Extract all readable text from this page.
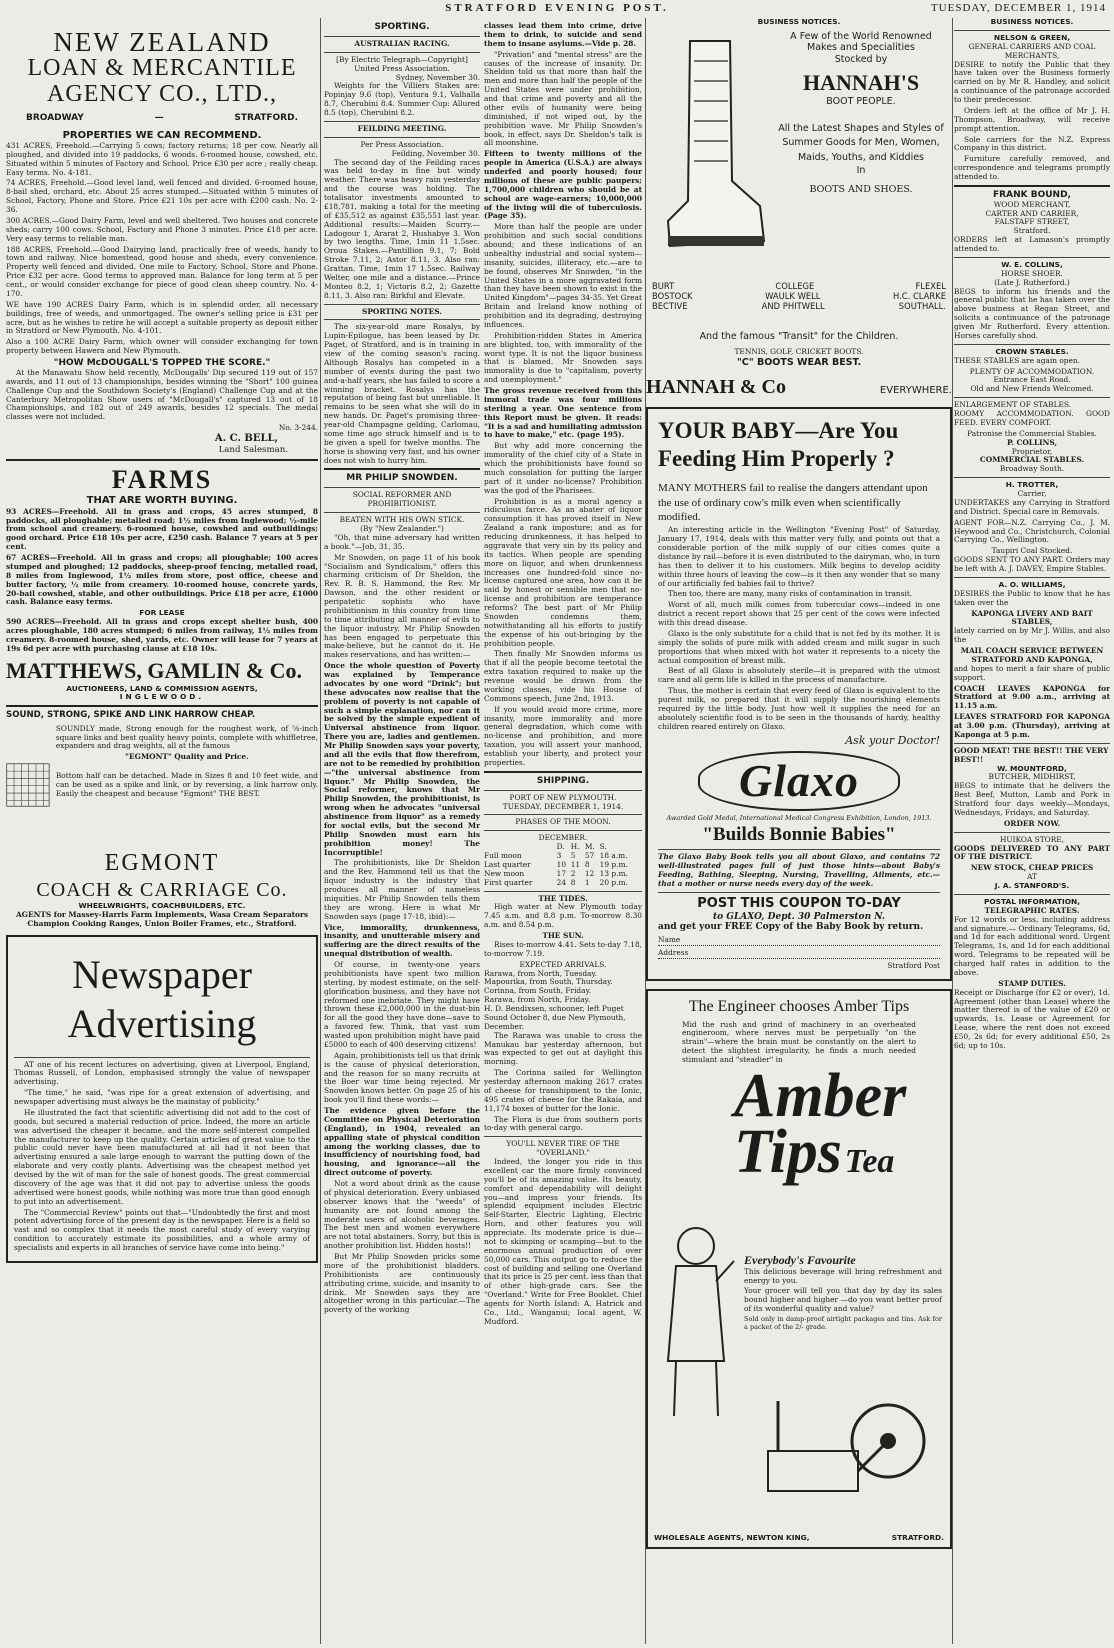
STRATFORD EVENING POST.	TUESDAY, DECEMBER 1, 1914
NEW ZEALAND
LOAN & MERCANTILE
AGENCY CO., LTD.,
BROADWAY	—	STRATFORD.
PROPERTIES WE CAN RECOMMEND.

431 ACRES, Freehold.—Carrying 5 cows; factory returns; 18 per cow. Nearly all ploughed, and divided into 19 paddocks, 6 woods. 6-roomed house, cowshed, etc. Situated within 5 minutes of Factory and School. Price £30 per acre ; really cheap. Easy terms. No. 4-181.

74 ACRES, Freehold.—Good level land, well fenced and divided. 6-roomed house, 8-bail shed, orchard, etc. About 25 acres stumped.—Situated within 5 minutes of School, Factory, Phone and Store. Price £21 10s per acre with £200 cash. No. 2-36.

300 ACRES.—Good Dairy Farm, level and well sheltered. Two houses and concrete sheds; carry 100 cows. School, Factory and Phone 3 minutes. Price £18 per acre. Very easy terms to reliable man.

188 ACRES, Freehold.—Good Dairying land, practically free of weeds, handy to town and railway. Nice homestead, good house and sheds, every convenience. Property well fenced and divided. One mile to Factory, School, Store and Phone. Price £32 per acre. Good terms to approved man. Balance for long term at 5 per cent., or would consider exchange for piece of good clean sheep country. No. 4-170.

WE have 190 ACRES Dairy Farm, which is in splendid order, all necessary buildings, free of weeds, and unmortgaged. The owner's selling price is £31 per acre, but as he wishes to retire he will accept a suitable property as deposit either in Stratford or New Plymouth. No. 4-101.

Also a 100 ACRE Dairy Farm, which owner will consider exchanging for town property between Hawera and New Plymouth.

"HOW McDOUGALL'S TOPPED THE SCORE."

At the Manawatu Show held recently, McDougalls' Dip secured 119 out of 157 awards, and 11 out of 13 championships, besides winning the "Short" 100 guinea Challenge Cup and the Southdown Society's (England) Challenge Cup and at the Canterbury Metropolitan Show users of "McDougall's" captured 13 out of 18 Championships, and 182 out of 249 awards, besides 12 specials. The medal classes were not included.

No. 3-244.
A. C. BELL,
Land Salesman.
FARMS
THAT ARE WORTH BUYING.

93 ACRES—Freehold. All in grass and crops, 45 acres stumped, 8 paddocks, all ploughable; metalled road; 1½ miles from Inglewood; ½-mile from school and creamery. 6-roomed house, cowshed and outbuildings; good orchard. Price £18 10s per acre, £250 cash. Balance 7 years at 5 per cent.

67 ACRES—Freehold. All in grass and crops; all ploughable; 100 acres stumped and ploughed; 12 paddocks, sheep-proof fencing, metalled road, 8 miles from Inglewood, 1½ miles from store, post office, cheese and butter factory, ½ mile from creamery. 10-roomed house, concrete yards, 20-bail cowshed, stable, and other outbuildings. Price £18 per acre, £1000 cash. Balance easy terms.

FOR LEASE

590 ACRES—Freehold. All in grass and crops except shelter bush, 400 acres ploughable, 180 acres stumped; 6 miles from railway, 1½ miles from creamery. 8-roomed house, shed, yards, etc. Owner will lease for 7 years at 19s 6d per acre with purchasing clause at £18 10s.

MATTHEWS, GAMLIN & Co.
AUCTIONEERS, LAND & COMMISSION AGENTS,
INGLEWOOD.
SOUND, STRONG, SPIKE AND LINK HARROW CHEAP.

SOUNDLY made, Strong enough for the roughest work, of ⅝-inch square links and best quality heavy points, complete with whiffletree, expanders and drag weights, all at the famous

"EGMONT" Quality and Price.

Bottom half can be detached. Made in Sizes 8 and 10 feet wide, and can be used as a spike and link, or by reversing, a link harrow only. Easily the cheapest and because "Egmont" THE BEST.

EGMONT
COACH & CARRIAGE Co.
WHEELWRIGHTS, COACHBUILDERS, ETC.
AGENTS for Massey-Harris Farm Implements, Wasa Cream Separators Champion Cooking Ranges, Union Boiler Frames, etc., Stratford.
Newspaper
Advertising

AT one of his recent lectures on advertising, given at Liverpool, England, Thomas Russell, of London, emphasised strongly the value of newspaper advertising.

"The time," he said, "was ripe for a great extension of advertising, and newspaper advertising must always be the mainstay of publicity."

He illustrated the fact that scientific advertising did not add to the cost of goods, but secured a material reduction of price. Indeed, the more an article was advertised the cheaper it became, and the more self-interest compelled the manufacturer to keep up the quality. Certain articles of great value to the public could never have been manufactured at all had it not been that advertising ensured a sale large enough to warrant the putting down of the elaborate and very costly plants. Advertising was the cheapest method yet devised by the wit of man for the sale of honest goods. The great commercial discovery of the age was that it did not pay to advertise unless the goods advertised were honest goods, while nothing was more true than good enough to put into an advertisement.

The "Commercial Review" points out that—"Undoubtedly the first and most potent advertising force of the present day is the newspaper. Here is a field so vast and so complex that it needs the most careful study of every varying condition to accurately estimate its possibilities, and a whole army of specialists and experts in all branches of service have come into being."

SPORTING.
AUSTRALIAN RACING.
[By Electric Telegraph—Copyright] United Press Association.
Sydney, November 30.

Weights for the Villiers Stakes are: Popinjay 9.6 (top), Ventura 9.1, Valhalla 8.7, Cherubini 8.4. Summer Cup: Allured 8.5 (top), Cherubini 8.2.

FEILDING MEETING.
Per Press Association.
Feilding, November 30.

The second day of the Feilding races was held to-day in fine but windy weather. There was heavy rain yesterday and the course was holding. The totalisator investments amounted to £18,781, making a total for the meeting of £35,512 as against £35,551 last year. Additional results:—Maiden Scurry.—Ladogour 1, Ararat 2, Hushabye 3. Won by two lengths. Time, 1min 11 1.5sec. Oroua Stakes.—Pantillion 9.1, 7; Bold Stroke 7.11, 2; Astor 8.11, 3. Also ran: Grattan. Time, 1min 17 1.5sec. Railway Welter, one mile and a distance.—Prince Monteo 8.2, 1; Victoris 8.2, 2; Gazette 8.11, 3. Also ran: Birkful and Elevate.

SPORTING NOTES.

The six-year-old mare Rosalys, by Lupin-Epilogue, has been leased by Dr. Paget, of Stratford, and is in training in view of the coming season's racing. Although Rosalys has competed in a number of events during the past two and-a-half years, she has failed to score a winning bracket. Rosalys has the reputation of being fast but unreliable. It remains to be seen what she will do in new hands. Dr. Paget's promising three-year-old Champagne gelding, Carlomau, some time ago struck himself and is to be given a spell for twelve months. The horse is showing very fast, and his owner does not wish to hurry him.

MR PHILIP SNOWDEN.
SOCIAL REFORMER AND PROHIBITIONIST.
BEATEN WITH HIS OWN STICK.
(By "New Zealander.")

"Oh, that mine adversary had written a book."—Job, 31, 35.

Mr Snowden, on page 11 of his book "Socialism and Syndicalism," offers this charming criticism of Dr Sheldon, the Rev. R. B. S. Hammond, the Rev. Mr Dawson, and the other resident or peripatetic sophists who have prohibitionism in this country from time to time attributing all manner of evils to the liquor industry. Mr Philip Snowden has been engaged to perpetuate this make-believe, but he cannot do it. He makes reservations, and has written:—

Once the whole question of Poverty was explained by Temperance advocates by one word "Drink"; but these advocates now realise that the problem of poverty is not capable of such a simple explanation, nor can it be solved by the simple expedient of Universal abstinence from liquor. There you are, ladies and gentlemen. Mr Philip Snowden says your poverty, and all the evils that flow therefrom, are not to be remedied by prohibition—"the universal abstinence from liquor." Mr Philip Snowden, the Social reformer, knows that Mr Philip Snowden, the prohibitionist, is wrong when he advocates "universal abstinence from liquor" as a remedy for social evils, but the second Mr Philip Snowden must earn his prohibition money! The Incorruptible!

The prohibitionists, like Dr Sheldon and the Rev. Hammond tell us that the liquor industry is the industry that produces all manner of nameless iniquities. Mr Philip Snowden tells them they are wrong. Here is what Mr Snowden says (page 17-18, ibid):—

Vice, immorality, drunkenness, insanity, and unutterable misery and suffering are the direct results of the unequal distribution of wealth.

Of course, in twenty-one years prohibitionists have spent two million sterling, by modest estimate, on the self-glorification business, and they have not reformed one inebriate. They might have thrown these £2,000,000 in the dust-bin for all the good they have done—save to a favored few. Think, that vast sum wasted upon prohibition might have paid £5000 to each of 400 deserving citizens!

Again, prohibitionists tell us that drink is the cause of physical deterioration, and the reason for so many recruits at the Boer war time being rejected. Mr Snowden knows better. On page 25 of his book you'll find these words:—

The evidence given before the Committee on Physical Deterioration (England), in 1904, revealed an appalling state of physical condition among the working classes, due to insufficiency of nourishing food, bad housing, and ignorance—all the direct outcome of poverty.

Not a word about drink as the cause of physical deterioration. Every unbiased observer knows that the "weeds" of humanity are not found among the moderate users of alcoholic beverages. The best men and women everywhere are not total abstainers. Sorry, but this is another prohibition list. Hidden hosts!!

But Mr Philip Snowden pricks some more of the prohibitionist bladders. Prohibitionists are continuously attributing crime, suicide, and insanity to drink. Mr Snowden says they are altogether wrong in this particular.—The poverty of the working

classes lead them into crime, drive them to drink, to suicide and send them to insane asylums.—Vide p. 28.

"Privation" and "mental stress" are the causes of the increase of insanity. Dr. Sheldon told us that more than half the men and more than half the people of the United States were under prohibition, and that crime and poverty and all the other evils of humanity were being diminished, if not wiped out, by the prohibition wave. Mr Philip Snowden's book, in effect, says Dr. Sheldon's talk is all moonshine.

Fifteen to twenty millions of the people in America (U.S.A.) are always underfed and poorly housed; four millions of these are public paupers; 1,700,000 children who should be at school are wage-earners; 10,000,000 of the living will die of tuberculosis. (Page 35).

More than half the people are under prohibition and such social conditions abound; and these indications of an unhealthy industrial and social system—insanity, suicides, illiteracy, etc.—are to be found, observes Mr Snowden, "in the United States in a more aggravated form than they have been shown to exist in the United Kingdom"—pages 34-35. Yet Great Britain and Ireland know nothing of prohibition and its degrading, destroying influences.

Prohibition-ridden States in America are blighted, too, with immorality of the worst type. It is not the liquor business that is blamed. Mr Snowden says immorality is due to "capitalism, poverty and unemployment."

The gross revenue received from this immoral trade was four millions sterling a year. One sentence from this Report must be given. It reads: "It is a sad and humiliating admission to have to make," etc. (page 195).

But why add more concerning the immorality of the chief city of a State in which the prohibitionists have found so much consolation for putting the larger part of it under no-license? Prohibition was the god of the Pharisees.

Prohibition is as a moral agency a ridiculous farce. As an abater of liquor consumption it has proved itself in New Zealand a rank imposture; and as for reducing drunkenness, it has helped to aggravate that very sin by its policy and its tactics. When people are spending more on liquor, and when drunkenness increases one hundred-fold since no-license captured one area, how can it be said by honest or sensible men that no-license and prohibition are temperance reforms? The best part of Mr Philip Snowden condemns them, notwithstanding all his efforts to justify the expense of his out-bringing by the prohibition people.

Then finally Mr Snowden informs us that if all the people become teetotal the extra taxation required to make up the revenue would be drawn from the working classes, vide his House of Commons speech, June 2nd, 1913.

If you would avoid more crime, more insanity, more immorality and more general degradation, which come with no-license and prohibition, and more taxation, you will assert your manhood, establish your liberty, and protect your properties.

SHIPPING.
PORT OF NEW PLYMOUTH.
TUESDAY, DECEMBER 1, 1914.
PHASES OF THE MOON.
DECEMBER.
	D.	H.	M.	S.
Full moon	3	5	57	18 a.m.
Last quarter	10	11	8	19 p.m.
New moon	17	2	12	13 p.m.
First quarter	24	8	1	20 p.m.
THE TIDES.

High water at New Plymouth today 7.45 a.m. and 8.8 p.m. To-morrow 8.30 a.m. and 8.54 p.m.

THE SUN.

Rises to-morrow 4.41. Sets to-day 7.18, to-morrow 7.19.

EXPECTED ARRIVALS.
Rarawa, from North, Tuesday.
Mapourika, from South, Thursday.
Corinna, from South, Friday.
Rarawa, from North, Friday.
H. D. Bendixsen, schooner, left Puget Sound October 8, due New Plymouth, December.

The Rarawa was unable to cross the Manukau bar yesterday afternoon, but was expected to get out at daylight this morning.

The Corinna sailed for Wellington yesterday afternoon making 2617 crates of cheese for transhipment to the Ionic, 495 crates of cheese for the Rakaia, and 11,174 boxes of butter for the Ionic.

The Flora is due from southern ports to-day with general cargo.

YOU'LL NEVER TIRE OF THE "OVERLAND."

Indeed, the longer you ride in this excellent car the more firmly convinced you'll be of its amazing value. Its beauty, comfort and dependability will delight you—and impress your friends. Its splendid equipment includes Electric Self-Starter, Electric Lighting, Electric Horn, and other features you will appreciate. Its moderate price is due—not to skimping or scamping—but to the enormous annual production of over 50,000 cars. This output go to reduce the cost of building and selling one Overland that its price is 25 per cent. less than that of other high-grade cars. See the "Overland." Write for Free Booklet. Chief agents for North Island: A. Hatrick and Co., Ltd., Wanganui; local agent, W. Mudford.

BUSINESS NOTICES.
A Few of the World Renowned
Makes and Specialities
Stocked by
HANNAH'S
BOOT PEOPLE.
All the Latest Shapes and Styles of Summer Goods for Men, Women, Maids, Youths, and Kiddies
In
BOOTS AND SHOES.
BURT	COLLEGE	FLEXEL
BOSTOCK	WAULK WELL	H.C. CLARKE
BECTIVE	AND PHITWELL	SOUTHALL.
And the famous "Transit" for the Children.
TENNIS, GOLF, CRICKET BOOTS.
"C" BOOTS WEAR BEST.
HANNAH & Co	EVERYWHERE.
YOUR BABY—Are You
Feeding Him Properly ?

MANY MOTHERS fail to realise the dangers attendant upon the use of ordinary cow's milk even when scientifically modified.

An interesting article in the Wellington "Evening Post" of Saturday, January 17, 1914, deals with this matter very fully, and points out that a considerable portion of the milk supply of our cities comes quite a distance by rail—before it is even distributed to the dairyman, who, in turn has then to deliver it to his customers. Milk begins to develop acidity within three hours of leaving the cow—is it then any wonder that so many of our artificially fed babies fail to thrive?

Then too, there are many, many risks of contamination in transit.

Worst of all, much milk comes from tubercular cows—indeed in one district a recent report shows that 25 per cent of the cows were infected with this dread disease.

Glaxo is the only substitute for a child that is not fed by its mother. It is simply the solids of pure milk with added cream and milk sugar in such proportions that when mixed with hot water it represents to a nicety the actual composition of breast milk.

Best of all Glaxo is absolutely sterile—it is prepared with the utmost care and all germ life is killed in the process of manufacture.

Thus, the mother is certain that every feed of Glaxo is equivalent to the purest milk, so prepared that it will supply the nourishing elements required by the little body. Just how well it supplies the need for an absolutely scientific food is to be seen in the thousands of hardy, healthy children reared entirely on Glaxo.

Ask your Doctor!
Glaxo
Awarded Gold Medal, International Medical Congress Exhibition, London, 1913.
"Builds Bonnie Babies"

The Glaxo Baby Book tells you all about Glaxo, and contains 72 well-illustrated pages full of just those hints—about Baby's Feeding, Bathing, Sleeping, Nursing, Travelling, Ailments, etc.—that a mother or nurse needs every day of the week.

POST THIS COUPON TO-DAY
to GLAXO, Dept. 30 Palmerston N.
and get your FREE Copy of the Baby Book by return.
Name
Address
Stratford Post
The Engineer chooses Amber Tips

Mid the rush and grind of machinery in an overheated engineroom, where nerves must be perpetually "on the strain"—where the brain must be constantly on the alert to detect the slightest irregularity, he finds a much needed stimulant and "steadier" in

Amber
Tips Tea
Everybody's Favourite

This delicious beverage will bring refreshment and energy to you.

Your grocer will tell you that day by day its sales bound higher and higher —do you want better proof of its wonderful quality and value?

Sold only in damp-proof airtight packages and tins. Ask for a packet of the 2/- grade.

WHOLESALE AGENTS, NEWTON KING,	STRATFORD.
BUSINESS NOTICES.
NELSON & GREEN,
GENERAL CARRIERS AND COAL MERCHANTS,

DESIRE to notify the Public that they have taken over the Business formerly carried on by Mr R. Handley, and solicit a continuance of the patronage accorded to their predecessor.

Orders left at the office of Mr J. H. Thompson, Broadway, will receive prompt attention.

Sole carriers for the N.Z. Express Company in this district.

Furniture carefully removed, and correspondence and telegrams promptly attended to.

FRANK BOUND,
WOOD MERCHANT,
CARTER AND CARRIER,
FALSTAFF STREET,
Stratford.

ORDERS left at Lamason's promptly attended to.

W. E. COLLINS,
HORSE SHOER.
(Late J. Rutherford.)

BEGS to inform his friends and the general public that he has taken over the above business at Regan Street, and solicits a continuance of the patronage given Mr Rutherford. Every attention. Horses carefully shod.

CROWN STABLES.

THESE STABLES are again open.

PLENTY OF ACCOMMODATION.
Entrance East Road.
Old and New Friends Welcomed.
ENLARGEMENT OF STABLES.

ROOMY ACCOMMODATION. GOOD FEED. EVERY COMFORT.

Patronise the Commercial Stables.
P. COLLINS,
Proprietor,
COMMERCIAL STABLES.
Broadway South.
H. TROTTER,
Carrier,

UNDERTAKES any Carrying in Stratford and District. Special care in Removals.

AGENT FOR—N.Z. Carrying Co., J. M. Heywood and Co., Christchurch, Colonial Carrying Co., Wellington.

Taupiri Coal Stocked.

GOODS SENT TO ANY PART. Orders may be left with A. J. DAVEY, Empire Stables.

A. O. WILLIAMS,

DESIRES the Public to know that he has taken over the

KAPONGA LIVERY AND BAIT STABLES,

lately carried on by Mr J. Willis, and also the

MAIL COACH SERVICE BETWEEN STRATFORD AND KAPONGA,

and hopes to merit a fair share of public support.

COACH LEAVES KAPONGA for Stratford at 9.00 a.m., arriving at 11.15 a.m.

LEAVES STRATFORD FOR KAPONGA at 3.00 p.m. (Thursday), arriving at Kaponga at 5 p.m.

GOOD MEAT! THE BEST!! THE VERY BEST!!
W. MOUNTFORD,
BUTCHER, MIDHIRST,

BEGS to intimate that he delivers the Best Beef, Mutton, Lamb and Pork in Stratford four days weekly—Mondays, Wednesdays, Fridays, and Saturday.

ORDER NOW.
HUIKOA STORE,

GOODS DELIVERED TO ANY PART OF THE DISTRICT.

NEW STOCK, CHEAP PRICES
AT
J. A. STANFORD'S.
POSTAL INFORMATION,
TELEGRAPHIC RATES.

For 12 words or less, including address and signature.— Ordinary Telegrams, 6d, and 1d for each additional word. Urgent Telegrams, 1s, and 1d for each additional word. Telegrams to be repeated will be charged half rates in addition to the above.

STAMP DUTIES.

Receipt or Discharge (for £2 or over), 1d. Agreement (other than Lease) where the matter thereof is of the value of £20 or upwards, 1s. Lease or Agreement for Lease, where the rent does not exceed £50, 2s 6d; for every additional £50, 2s 6d; up to 10s.
